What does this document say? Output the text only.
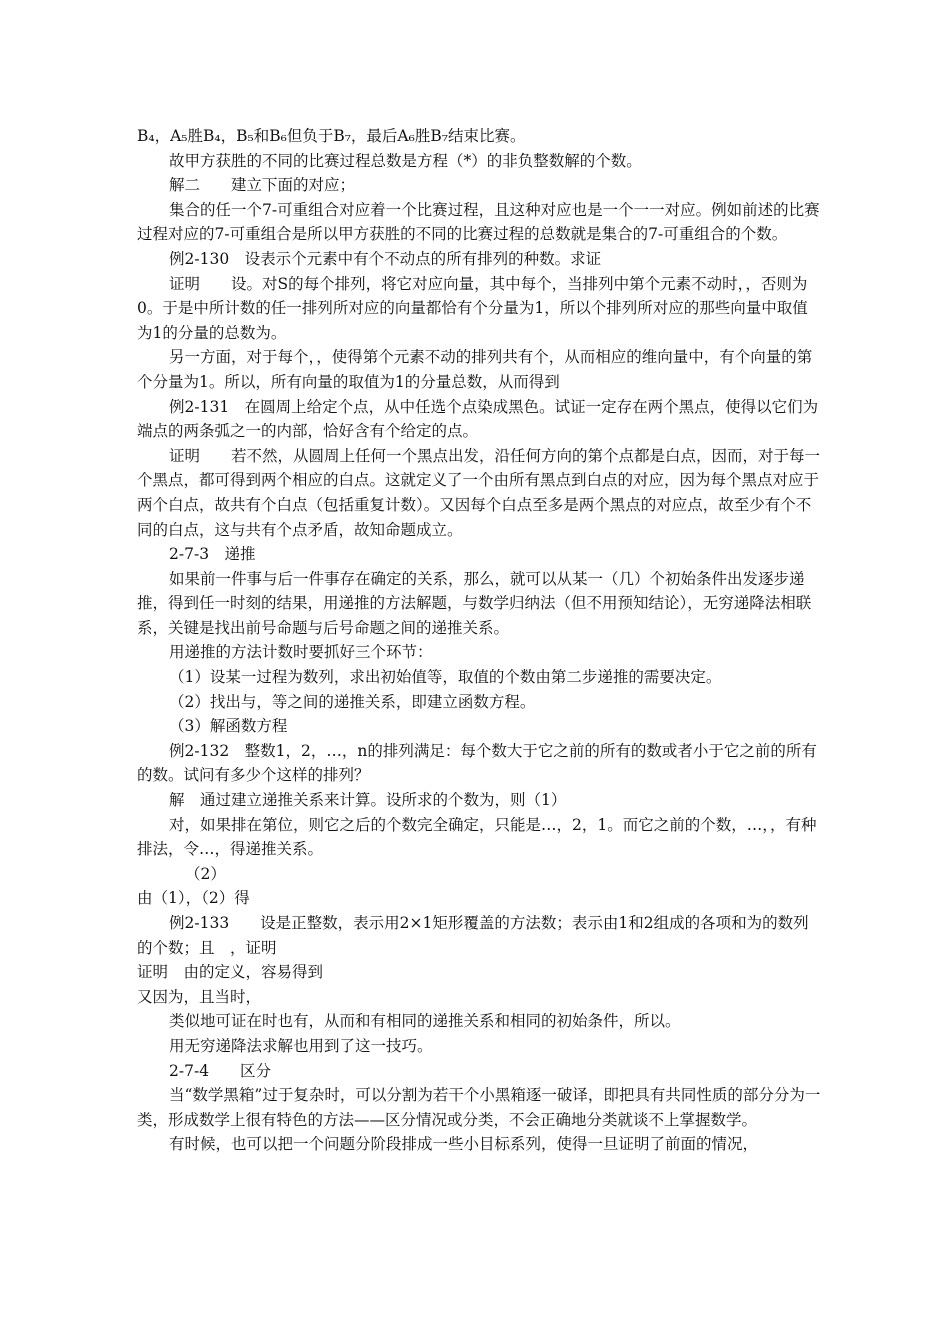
B₄，A₅胜B₄，B₅和B₆但负于B₇，最后A₆胜B₇结束比赛。

故甲方获胜的不同的比赛过程总数是方程（*）的非负整数解的个数。

解二　　建立下面的对应；

集合的任一个7-可重组合对应着一个比赛过程，且这种对应也是一个一一对应。例如前述的比赛过程对应的7-可重组合是所以甲方获胜的不同的比赛过程的总数就是集合的7-可重组合的个数。

例2-130　设表示个元素中有个不动点的所有排列的种数。求证

证明　　设。对S的每个排列，将它对应向量，其中每个，当排列中第个元素不动时，，否则为0。于是中所计数的任一排列所对应的向量都恰有个分量为1，所以个排列所对应的那些向量中取值为1的分量的总数为。

另一方面，对于每个，，使得第个元素不动的排列共有个，从而相应的维向量中，有个向量的第个分量为1。所以，所有向量的取值为1的分量总数，从而得到

例2-131　在圆周上给定个点，从中任选个点染成黑色。试证一定存在两个黑点，使得以它们为端点的两条弧之一的内部，恰好含有个给定的点。

证明　　若不然，从圆周上任何一个黑点出发，沿任何方向的第个点都是白点，因而，对于每一个黑点，都可得到两个相应的白点。这就定义了一个由所有黑点到白点的对应，因为每个黑点对应于两个白点，故共有个白点（包括重复计数）。又因每个白点至多是两个黑点的对应点，故至少有个不同的白点，这与共有个点矛盾，故知命题成立。

2-7-3　递推

如果前一件事与后一件事存在确定的关系，那么，就可以从某一（几）个初始条件出发逐步递推，得到任一时刻的结果，用递推的方法解题，与数学归纳法（但不用预知结论），无穷递降法相联系，关键是找出前号命题与后号命题之间的递推关系。

用递推的方法计数时要抓好三个环节：

（1）设某一过程为数列，求出初始值等，取值的个数由第二步递推的需要决定。

（2）找出与，等之间的递推关系，即建立函数方程。

（3）解函数方程

例2-132　整数1，2，…，n的排列满足：每个数大于它之前的所有的数或者小于它之前的所有的数。试问有多少个这样的排列？

解　通过建立递推关系来计算。设所求的个数为，则（1）

对，如果排在第位，则它之后的个数完全确定，只能是…，2，1。而它之前的个数，…，，有种排法，令…，得递推关系。

（2）

由（1），（2）得

例2-133　　设是正整数，表示用2×1矩形覆盖的方法数；表示由1和2组成的各项和为的数列的个数；且　，证明

证明　由的定义，容易得到

又因为，且当时，

类似地可证在时也有，从而和有相同的递推关系和相同的初始条件，所以。

用无穷递降法求解也用到了这一技巧。

2-7-4　　区分

当“数学黑箱”过于复杂时，可以分割为若干个小黑箱逐一破译，即把具有共同性质的部分分为一类，形成数学上很有特色的方法——区分情况或分类，不会正确地分类就谈不上掌握数学。

有时候，也可以把一个问题分阶段排成一些小目标系列，使得一旦证明了前面的情况，
